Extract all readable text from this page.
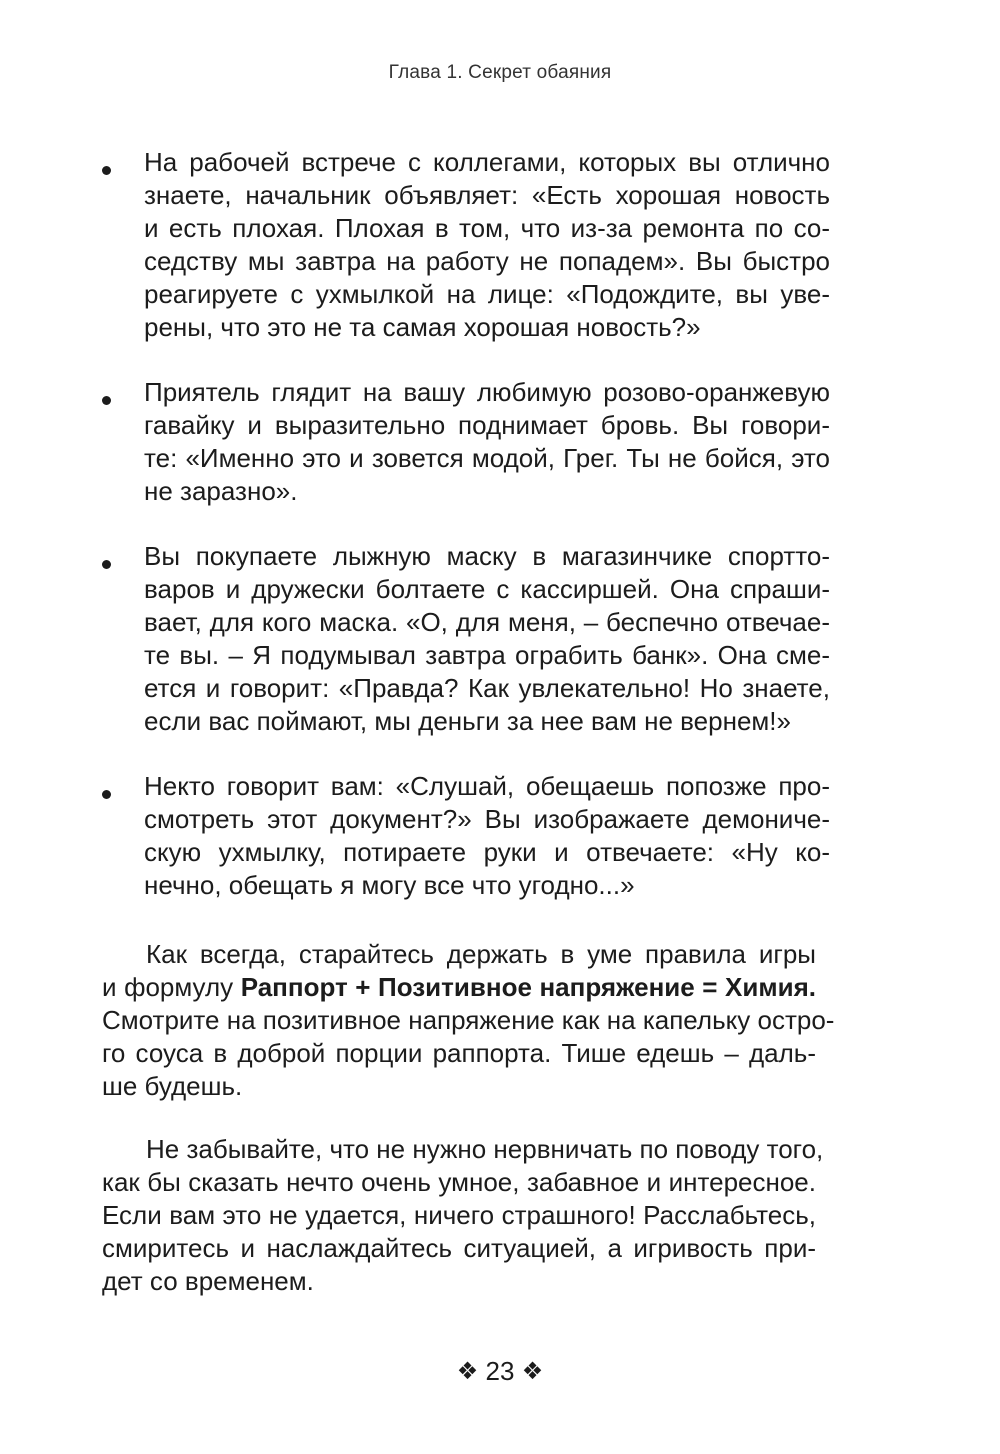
Глава 1. Секрет обаяния
На рабочей встрече с коллегами, которых вы отлично
знаете, начальник объявляет: «Есть хорошая новость
и есть плохая. Плохая в том, что из-за ремонта по со-
седству мы завтра на работу не попадем». Вы быстро
реагируете с ухмылкой на лице: «Подождите, вы уве-
рены, что это не та самая хорошая новость?»
Приятель глядит на вашу любимую розово-оранжевую
гавайку и выразительно поднимает бровь. Вы говори-
те: «Именно это и зовется модой, Грег. Ты не бойся, это
не заразно».
Вы покупаете лыжную маску в магазинчике спортто-
варов и дружески болтаете с кассиршей. Она спраши-
вает, для кого маска. «О, для меня, – беспечно отвечае-
те вы. – Я подумывал завтра ограбить банк». Она сме-
ется и говорит: «Правда? Как увлекательно! Но знаете,
если вас поймают, мы деньги за нее вам не вернем!»
Некто говорит вам: «Слушай, обещаешь попозже про-
смотреть этот документ?» Вы изображаете демониче-
скую ухмылку, потираете руки и отвечаете: «Ну ко-
нечно, обещать я могу все что угодно...»
Как всегда, старайтесь держать в уме правила игры
и формулу Раппорт + Позитивное напряжение = Химия.
Смотрите на позитивное напряжение как на капельку остро-
го соуса в доброй порции раппорта. Тише едешь – даль-
ше будешь.
Не забывайте, что не нужно нервничать по поводу того,
как бы сказать нечто очень умное, забавное и интересное.
Если вам это не удается, ничего страшного! Расслабьтесь,
смиритесь и наслаждайтесь ситуацией, а игривость при-
дет со временем.
❖ 23 ❖
